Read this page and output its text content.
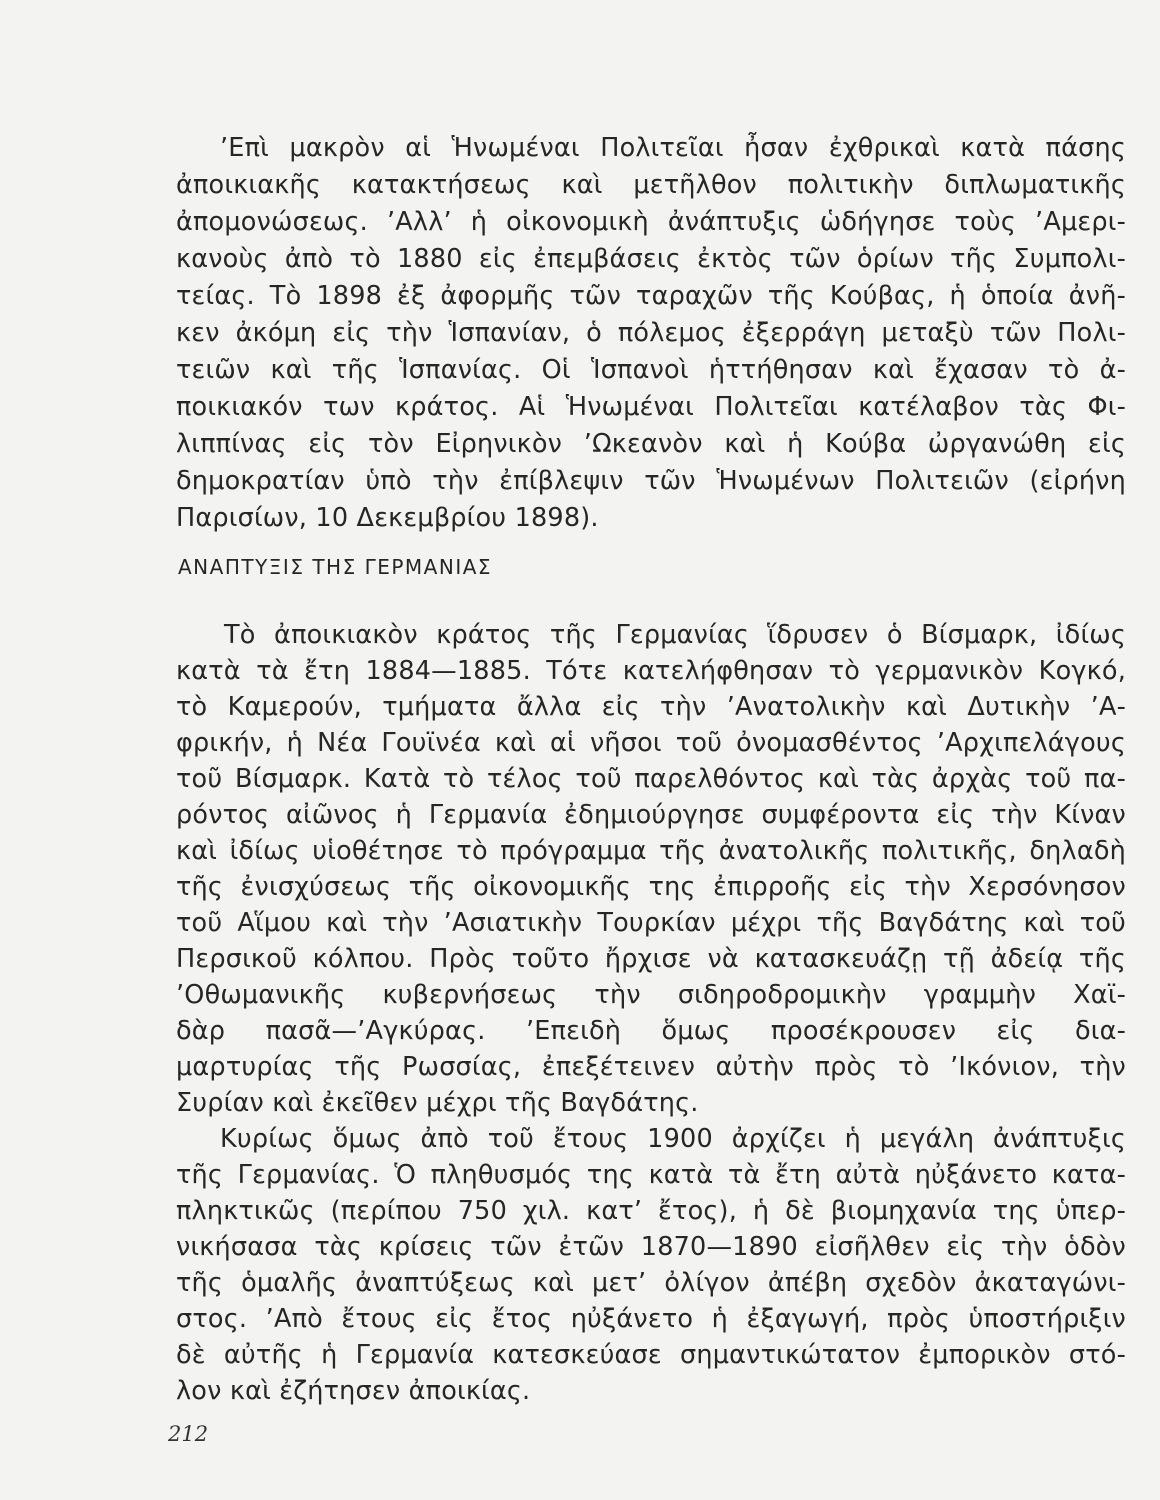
’Επὶ μακρὸν αἱ Ἡνωμέναι Πολιτεῖαι ἦσαν ἐχθρικαὶ κατὰ πάσης
ἀποικιακῆς κατακτήσεως καὶ μετῆλθον πολιτικὴν διπλωματικῆς
ἀπομονώσεως. ’Αλλ’ ἡ οἰκονομικὴ ἀνάπτυξις ὡδήγησε τοὺς ’Αμερι-
κανοὺς ἀπὸ τὸ 1880 εἰς ἐπεμβάσεις ἐκτὸς τῶν ὁρίων τῆς Συμπολι-
τείας. Τὸ 1898 ἐξ ἀφορμῆς τῶν ταραχῶν τῆς Κούβας, ἡ ὁποία ἀνῆ-
κεν ἀκόμη εἰς τὴν Ἱσπανίαν, ὁ πόλεμος ἐξερράγη μεταξὺ τῶν Πολι-
τειῶν καὶ τῆς Ἱσπανίας. Οἱ Ἱσπανοὶ ἡττήθησαν καὶ ἔχασαν τὸ ἀ-
ποικιακόν των κράτος. Αἱ Ἡνωμέναι Πολιτεῖαι κατέλαβον τὰς Φι-
λιππίνας εἰς τὸν Εἰρηνικὸν ’Ωκεανὸν καὶ ἡ Κούβα ὠργανώθη εἰς
δημοκρατίαν ὑπὸ τὴν ἐπίβλεψιν τῶν Ἡνωμένων Πολιτειῶν (εἰρήνη
Παρισίων, 10 Δεκεμβρίου 1898).
ΑΝΑΠΤΥΞΙΣ ΤΗΣ ΓΕΡΜΑΝΙΑΣ
Τὸ ἀποικιακὸν κράτος τῆς Γερμανίας ἵδρυσεν ὁ Βίσμαρκ, ἰδίως
κατὰ τὰ ἔτη 1884—1885. Τότε κατελήφθησαν τὸ γερμανικὸν Κογκό,
τὸ Καμερούν, τμήματα ἄλλα εἰς τὴν ’Ανατολικὴν καὶ Δυτικὴν ’Α-
φρικήν, ἡ Νέα Γουϊνέα καὶ αἱ νῆσοι τοῦ ὀνομασθέντος ’Αρχιπελάγους
τοῦ Βίσμαρκ. Κατὰ τὸ τέλος τοῦ παρελθόντος καὶ τὰς ἀρχὰς τοῦ πα-
ρόντος αἰῶνος ἡ Γερμανία ἐδημιούργησε συμφέροντα εἰς τὴν Κίναν
καὶ ἰδίως υἱοθέτησε τὸ πρόγραμμα τῆς ἀνατολικῆς πολιτικῆς, δηλαδὴ
τῆς ἐνισχύσεως τῆς οἰκονομικῆς της ἐπιρροῆς εἰς τὴν Χερσόνησον
τοῦ Αἵμου καὶ τὴν ’Ασιατικὴν Τουρκίαν μέχρι τῆς Βαγδάτης καὶ τοῦ
Περσικοῦ κόλπου. Πρὸς τοῦτο ἤρχισε νὰ κατασκευάζῃ τῇ ἀδείᾳ τῆς
’Οθωμανικῆς κυβερνήσεως τὴν σιδηροδρομικὴν γραμμὴν Χαϊ-
δὰρ πασᾶ—’Αγκύρας. ’Επειδὴ ὅμως προσέκρουσεν εἰς δια-
μαρτυρίας τῆς Ρωσσίας, ἐπεξέτεινεν αὐτὴν πρὸς τὸ ’Ικόνιον, τὴν
Συρίαν καὶ ἐκεῖθεν μέχρι τῆς Βαγδάτης.
Κυρίως ὅμως ἀπὸ τοῦ ἔτους 1900 ἀρχίζει ἡ μεγάλη ἀνάπτυξις
τῆς Γερμανίας. Ὁ πληθυσμός της κατὰ τὰ ἔτη αὐτὰ ηὐξάνετο κατα-
πληκτικῶς (περίπου 750 χιλ. κατ’ ἔτος), ἡ δὲ βιομηχανία της ὑπερ-
νικήσασα τὰς κρίσεις τῶν ἐτῶν 1870—1890 εἰσῆλθεν εἰς τὴν ὁδὸν
τῆς ὁμαλῆς ἀναπτύξεως καὶ μετ’ ὀλίγον ἀπέβη σχεδὸν ἀκαταγώνι-
στος. ’Απὸ ἔτους εἰς ἔτος ηὐξάνετο ἡ ἐξαγωγή, πρὸς ὑποστήριξιν
δὲ αὐτῆς ἡ Γερμανία κατεσκεύασε σημαντικώτατον ἐμπορικὸν στό-
λον καὶ ἐζήτησεν ἀποικίας.
212
